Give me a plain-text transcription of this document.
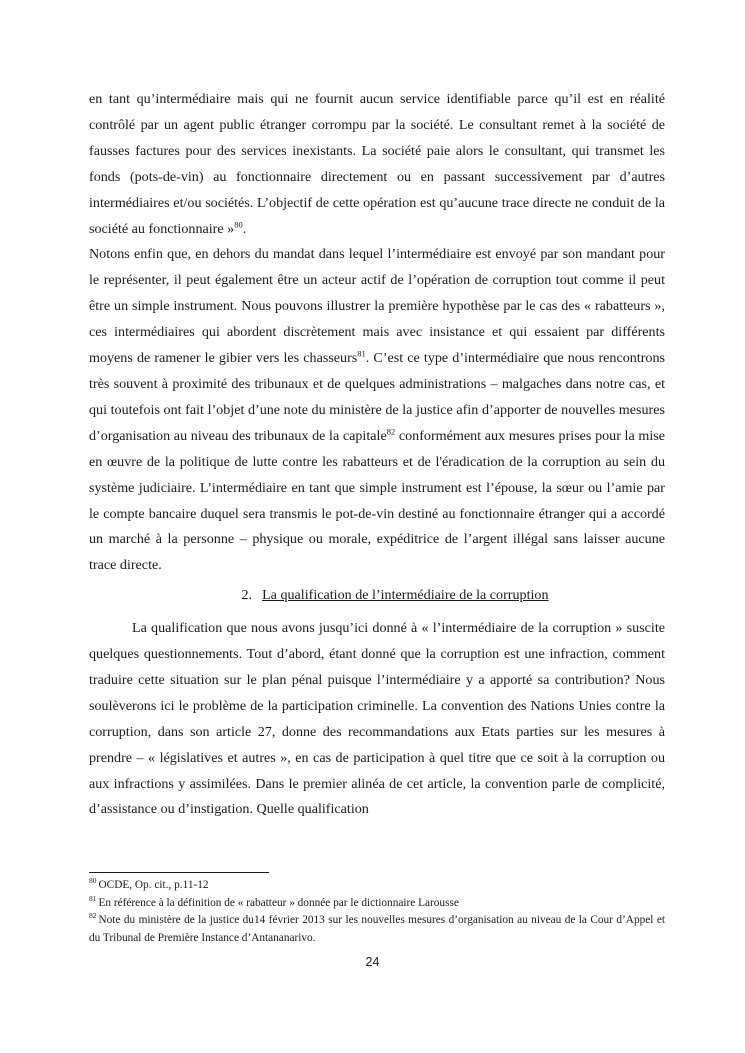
en tant qu’intermédiaire mais qui ne fournit aucun service identifiable parce qu’il est en réalité contrôlé par un agent public étranger corrompu par la société. Le consultant remet à la société de fausses factures pour des services inexistants. La société paie alors le consultant, qui transmet les fonds (pots-de-vin) au fonctionnaire directement ou en passant successivement par d’autres intermédiaires et/ou sociétés. L’objectif de cette opération est qu’aucune trace directe ne conduit de la société au fonctionnaire »$^{80}$.

Notons enfin que, en dehors du mandat dans lequel l’intermédiaire est envoyé par son mandant pour le représenter, il peut également être un acteur actif de l’opération de corruption tout comme il peut être un simple instrument. Nous pouvons illustrer la première hypothèse par le cas des « rabatteurs », ces intermédiaires qui abordent discrètement mais avec insistance et qui essaient par différents moyens de ramener le gibier vers les chasseurs$^{81}$. C’est ce type d’intermédiaire que nous rencontrons très souvent à proximité des tribunaux et de quelques administrations – malgaches dans notre cas, et qui toutefois ont fait l’objet d’une note du ministère de la justice afin d’apporter de nouvelles mesures d’organisation au niveau des tribunaux de la capitale$^{82}$ conformément aux mesures prises pour la mise en œuvre de la politique de lutte contre les rabatteurs et de l'éradication de la corruption au sein du système judiciaire. L’intermédiaire en tant que simple instrument est l’épouse, la sœur ou l’amie par le compte bancaire duquel sera transmis le pot-de-vin destiné au fonctionnaire étranger qui a accordé un marché à la personne – physique ou morale, expéditrice de l’argent illégal sans laisser aucune trace directe.

2. La qualification de l’intermédiaire de la corruption

La qualification que nous avons jusqu’ici donné à « l’intermédiaire de la corruption » suscite quelques questionnements. Tout d’abord, étant donné que la corruption est une infraction, comment traduire cette situation sur le plan pénal puisque l’intermédiaire y a apporté sa contribution? Nous soulèverons ici le problème de la participation criminelle. La convention des Nations Unies contre la corruption, dans son article 27, donne des recommandations aux Etats parties sur les mesures à prendre – « législatives et autres », en cas de participation à quel titre que ce soit à la corruption ou aux infractions y assimilées. Dans le premier alinéa de cet article, la convention parle de complicité, d’assistance ou d’instigation. Quelle qualification

$^{80}$ OCDE, Op. cit., p.11-12

$^{81}$ En référence à la définition de « rabatteur » donnée par le dictionnaire Larousse

$^{82}$ Note du ministère de la justice du14 février 2013 sur les nouvelles mesures d’organisation au niveau de la Cour d’Appel et du Tribunal de Première Instance d’Antananarivo.

24
